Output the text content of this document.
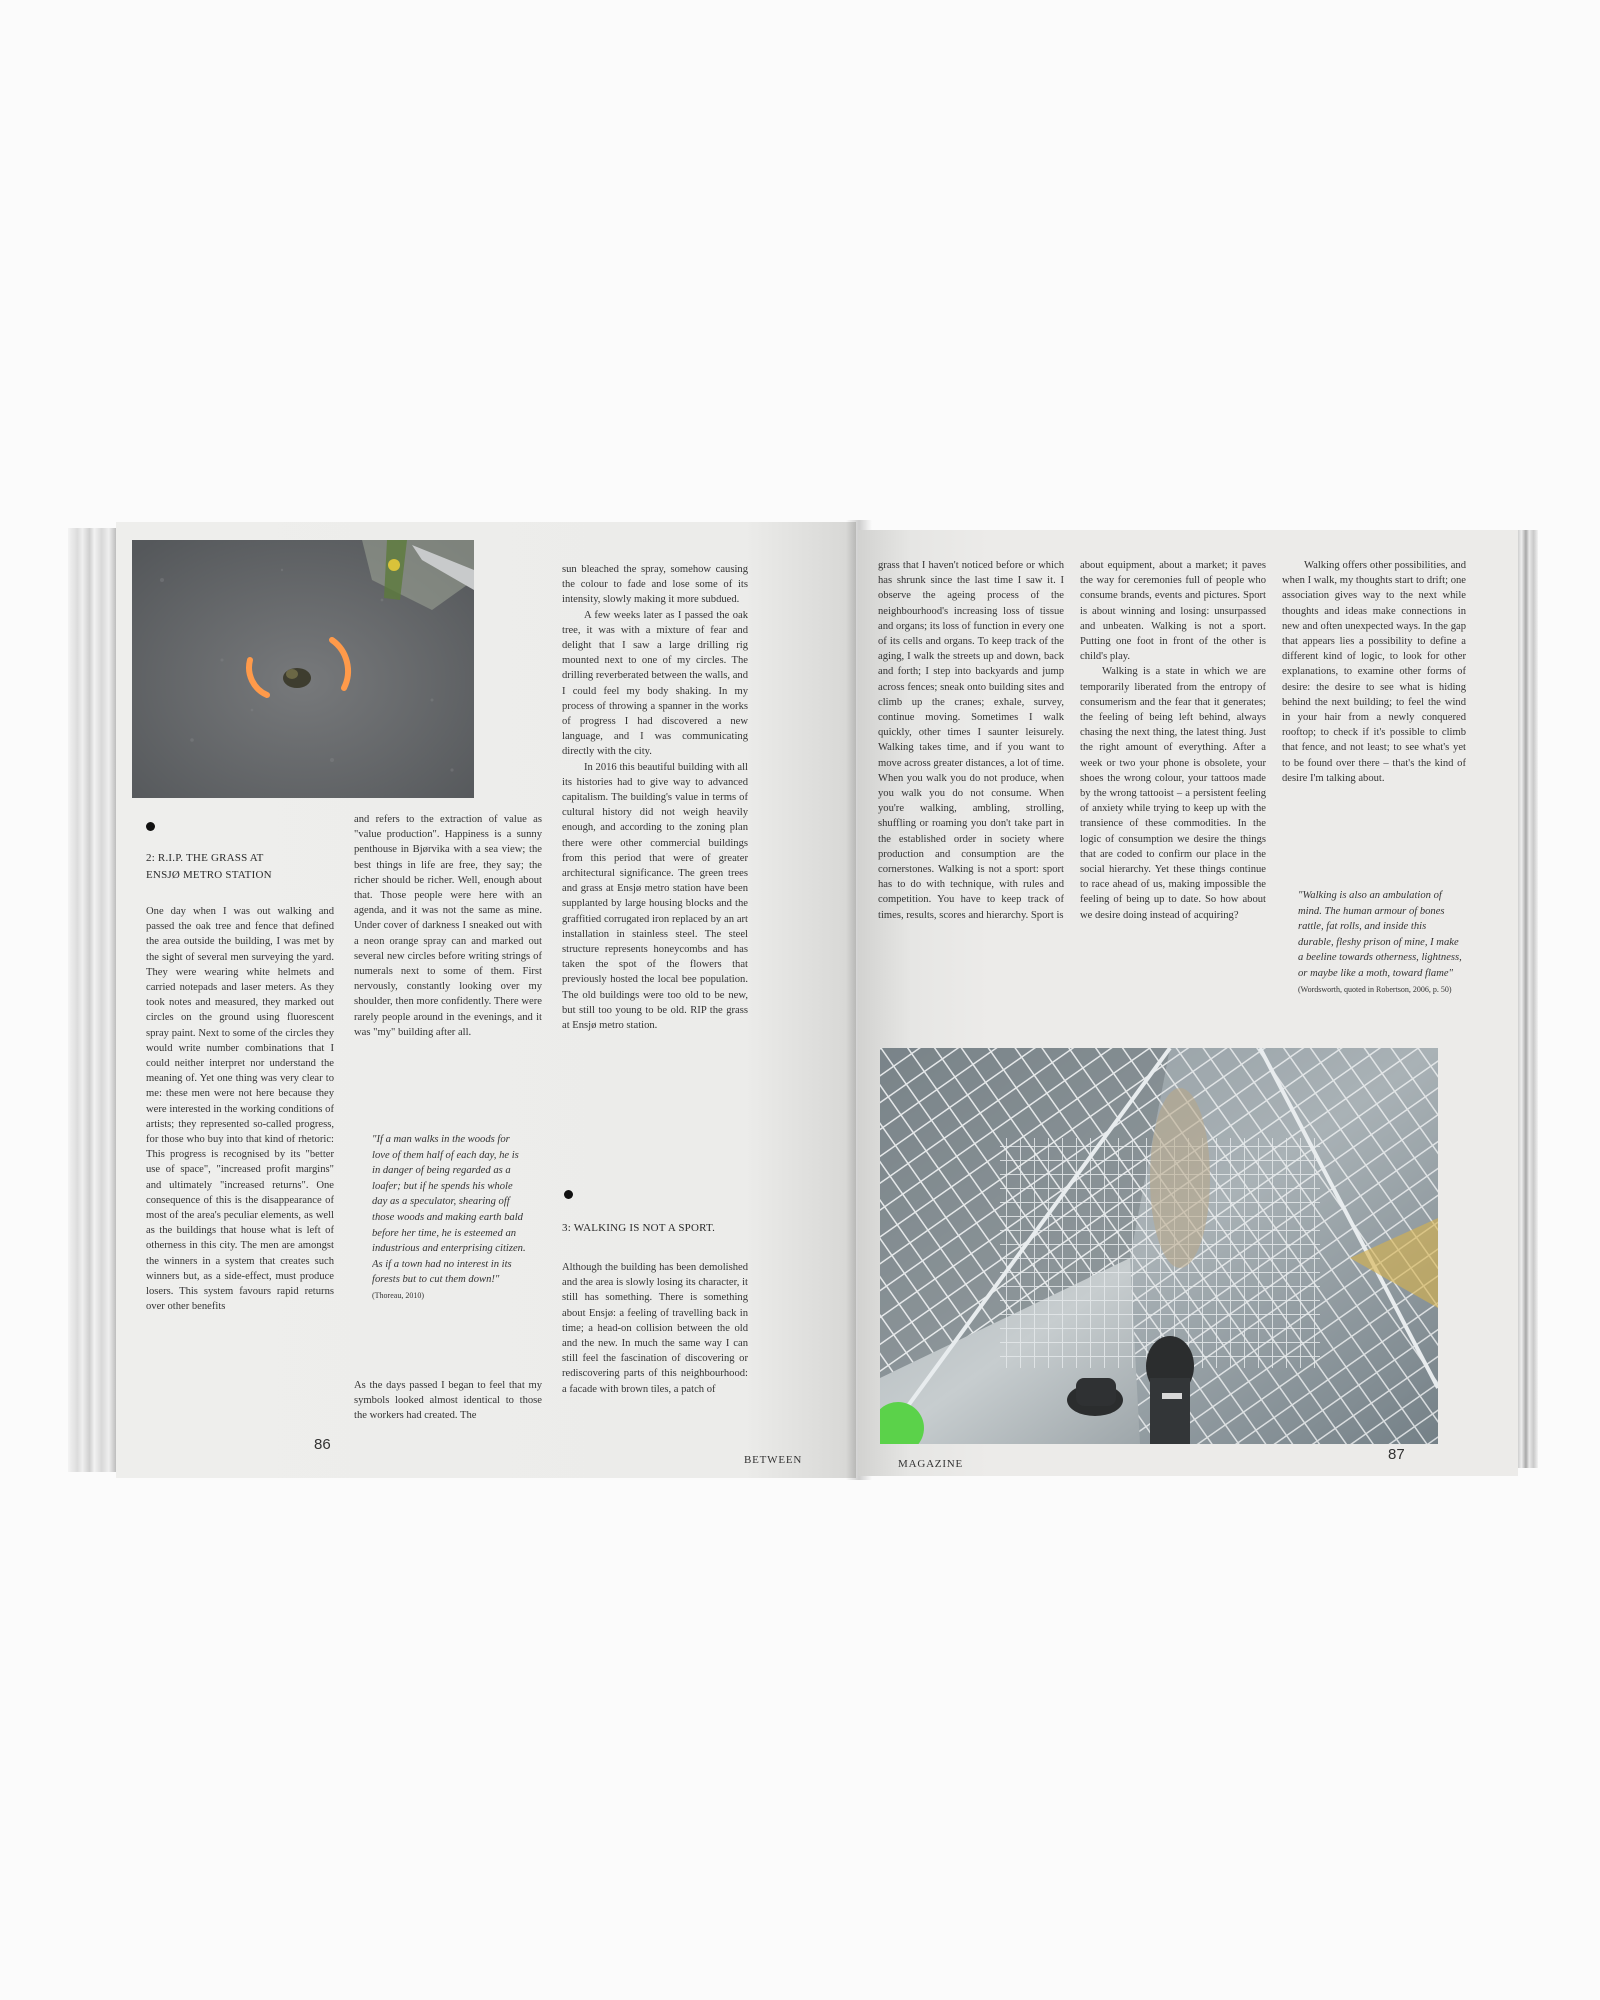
2: R.I.P. THE GRASS AT
ENSJØ METRO STATION

One day when I was out walking and passed the oak tree and fence that defined the area outside the building, I was met by the sight of several men surveying the yard. They were wearing white helmets and carried notepads and laser meters. As they took notes and measured, they marked out circles on the ground using fluorescent spray paint. Next to some of the circles they would write number combinations that I could neither interpret nor understand the meaning of. Yet one thing was very clear to me: these men were not here because they were interested in the working conditions of artists; they represented so-called progress, for those who buy into that kind of rhetoric: This progress is recognised by its "better use of space", "increased profit margins" and ultimately "increased returns". One consequence of this is the disappearance of most of the area's peculiar elements, as well as the buildings that house what is left of otherness in this city. The men are amongst the winners in a system that creates such winners but, as a side-effect, must produce losers. This system favours rapid returns over other benefits

and refers to the extraction of value as "value production". Happiness is a sunny penthouse in Bjørvika with a sea view; the best things in life are free, they say; the richer should be richer. Well, enough about that. Those people were here with an agenda, and it was not the same as mine. Under cover of darkness I sneaked out with a neon orange spray can and marked out several new circles before writing strings of numerals next to some of them. First nervously, constantly looking over my shoulder, then more confidently. There were rarely people around in the evenings, and it was "my" building after all.

"If a man walks in the woods for love of them half of each day, he is in danger of being regarded as a loafer; but if he spends his whole day as a speculator, shearing off those woods and making earth bald before her time, he is esteemed an industrious and enterprising citizen. As if a town had no interest in its forests but to cut them down!" (Thoreau, 2010)

As the days passed I began to feel that my symbols looked almost identical to those the workers had created. The

sun bleached the spray, somehow causing the colour to fade and lose some of its intensity, slowly making it more subdued.

A few weeks later as I passed the oak tree, it was with a mixture of fear and delight that I saw a large drilling rig mounted next to one of my circles. The drilling reverberated between the walls, and I could feel my body shaking. In my process of throwing a spanner in the works of progress I had discovered a new language, and I was communicating directly with the city.

In 2016 this beautiful building with all its histories had to give way to advanced capitalism. The building's value in terms of cultural history did not weigh heavily enough, and according to the zoning plan there were other commercial buildings from this period that were of greater architectural significance. The green trees and grass at Ensjø metro station have been supplanted by large housing blocks and the graffitied corrugated iron replaced by an art installation in stainless steel. The steel structure represents honeycombs and has taken the spot of the flowers that previously hosted the local bee population. The old buildings were too old to be new, but still too young to be old. RIP the grass at Ensjø metro station.

3: WALKING IS NOT A SPORT.

Although the building has been demolished and the area is slowly losing its character, it still has something. There is something about Ensjø: a feeling of travelling back in time; a head-on collision between the old and the new. In much the same way I can still feel the fascination of discovering or rediscovering parts of this neighbourhood: a facade with brown tiles, a patch of

86
BETWEEN

grass that I haven't noticed before or which has shrunk since the last time I saw it. I observe the ageing process of the neighbourhood's increasing loss of tissue and organs; its loss of function in every one of its cells and organs. To keep track of the aging, I walk the streets up and down, back and forth; I step into backyards and jump across fences; sneak onto building sites and climb up the cranes; exhale, survey, continue moving. Sometimes I walk quickly, other times I saunter leisurely. Walking takes time, and if you want to move across greater distances, a lot of time. When you walk you do not produce, when you walk you do not consume. When you're walking, ambling, strolling, shuffling or roaming you don't take part in the established order in society where production and consumption are the cornerstones. Walking is not a sport: sport has to do with technique, with rules and competition. You have to keep track of times, results, scores and hierarchy. Sport is

about equipment, about a market; it paves the way for ceremonies full of people who consume brands, events and pictures. Sport is about winning and losing: unsurpassed and unbeaten. Walking is not a sport. Putting one foot in front of the other is child's play.

Walking is a state in which we are temporarily liberated from the entropy of consumerism and the fear that it generates; the feeling of being left behind, always chasing the next thing, the latest thing. Just the right amount of everything. After a week or two your phone is obsolete, your shoes the wrong colour, your tattoos made by the wrong tattooist – a persistent feeling of anxiety while trying to keep up with the transience of these commodities. In the logic of consumption we desire the things that are coded to confirm our place in the social hierarchy. Yet these things continue to race ahead of us, making impossible the feeling of being up to date. So how about we desire doing instead of acquiring?

Walking offers other possibilities, and when I walk, my thoughts start to drift; one association gives way to the next while thoughts and ideas make connections in new and often unexpected ways. In the gap that appears lies a possibility to define a different kind of logic, to look for other explanations, to examine other forms of desire: the desire to see what is hiding behind the next building; to feel the wind in your hair from a newly conquered rooftop; to check if it's possible to climb that fence, and not least; to see what's yet to be found over there – that's the kind of desire I'm talking about.

"Walking is also an ambulation of mind. The human armour of bones rattle, fat rolls, and inside this durable, fleshy prison of mine, I make a beeline towards otherness, lightness, or maybe like a moth, toward flame" (Wordsworth, quoted in Robertson, 2006, p. 50)
MAGAZINE
87
